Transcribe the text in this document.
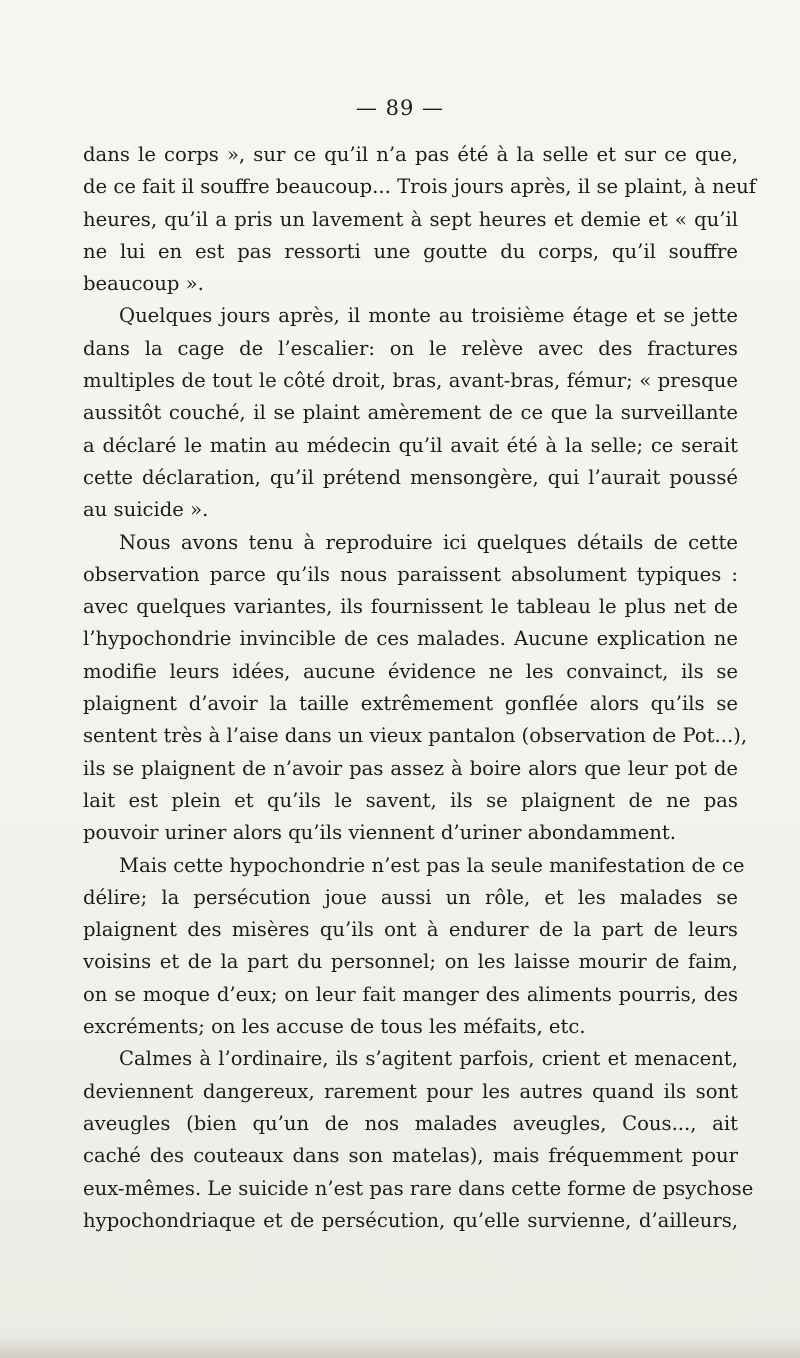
— 89 —

dans le corps », sur ce qu’il n’a pas été à la selle et sur ce que,
de ce fait il souffre beaucoup... Trois jours après, il se plaint, à neuf
heures, qu’il a pris un lavement à sept heures et demie et « qu’il
ne lui en est pas ressorti une goutte du corps, qu’il souffre
beaucoup ».

Quelques jours après, il monte au troisième étage et se jette
dans la cage de l’escalier: on le relève avec des fractures
multiples de tout le côté droit, bras, avant-bras, fémur; « presque
aussitôt couché, il se plaint amèrement de ce que la surveillante
a déclaré le matin au médecin qu’il avait été à la selle; ce serait
cette déclaration, qu’il prétend mensongère, qui l’aurait poussé
au suicide ».

Nous avons tenu à reproduire ici quelques détails de cette
observation parce qu’ils nous paraissent absolument typiques :
avec quelques variantes, ils fournissent le tableau le plus net de
l’hypochondrie invincible de ces malades. Aucune explication ne
modifie leurs idées, aucune évidence ne les convainct, ils se
plaignent d’avoir la taille extrêmement gonflée alors qu’ils se
sentent très à l’aise dans un vieux pantalon (observation de Pot...),
ils se plaignent de n’avoir pas assez à boire alors que leur pot de
lait est plein et qu’ils le savent, ils se plaignent de ne pas
pouvoir uriner alors qu’ils viennent d’uriner abondamment.

Mais cette hypochondrie n’est pas la seule manifestation de ce
délire; la persécution joue aussi un rôle, et les malades se
plaignent des misères qu’ils ont à endurer de la part de leurs
voisins et de la part du personnel; on les laisse mourir de faim,
on se moque d’eux; on leur fait manger des aliments pourris, des
excréments; on les accuse de tous les méfaits, etc.

Calmes à l’ordinaire, ils s’agitent parfois, crient et menacent,
deviennent dangereux, rarement pour les autres quand ils sont
aveugles (bien qu’un de nos malades aveugles, Cous..., ait
caché des couteaux dans son matelas), mais fréquemment pour
eux-mêmes. Le suicide n’est pas rare dans cette forme de psychose
hypochondriaque et de persécution, qu’elle survienne, d’ailleurs,
